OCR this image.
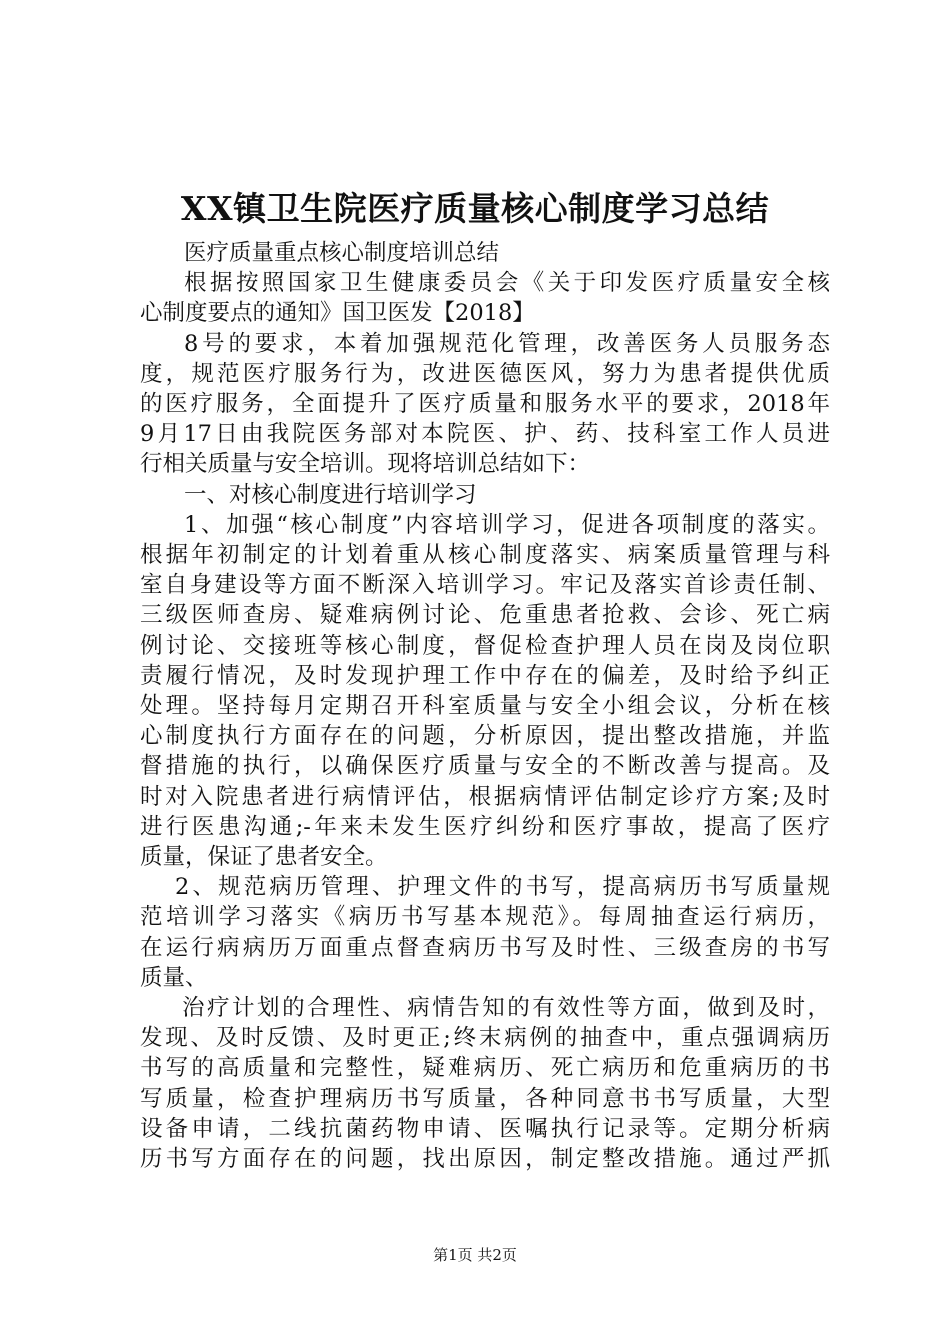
XX镇卫生院医疗质量核心制度学习总结
医疗质量重点核心制度培训总结
根据按照国家卫生健康委员会《关于印发医疗质量安全核
心制度要点的通知》国卫医发【2018】
8号的要求，本着加强规范化管理，改善医务人员服务态
度，规范医疗服务行为，改进医德医风，努力为患者提供优质
的医疗服务，全面提升了医疗质量和服务水平的要求，2018年
9月17日由我院医务部对本院医、护、药、技科室工作人员进
行相关质量与安全培训。现将培训总结如下：
一、对核心制度进行培训学习
1、加强“核心制度”内容培训学习，促进各项制度的落实。
根据年初制定的计划着重从核心制度落实、病案质量管理与科
室自身建设等方面不断深入培训学习。牢记及落实首诊责任制、
三级医师查房、疑难病例讨论、危重患者抢救、会诊、死亡病
例讨论、交接班等核心制度，督促检查护理人员在岗及岗位职
责履行情况，及时发现护理工作中存在的偏差，及时给予纠正
处理。坚持每月定期召开科室质量与安全小组会议，分析在核
心制度执行方面存在的问题，分析原因，提出整改措施，并监
督措施的执行，以确保医疗质量与安全的不断改善与提高。及
时对入院患者进行病情评估，根据病情评估制定诊疗方案;及时
进行医患沟通;-年来未发生医疗纠纷和医疗事故，提高了医疗
质量，保证了患者安全。
2、规范病历管理、护理文件的书写，提高病历书写质量规
范培训学习落实《病历书写基本规范》。每周抽查运行病历，
在运行病病历万面重点督查病历书写及时性、三级查房的书写
质量、
治疗计划的合理性、病情告知的有效性等方面，做到及时，
发现、及时反馈、及时更正;终末病例的抽查中，重点强调病历
书写的高质量和完整性，疑难病历、死亡病历和危重病历的书
写质量，检查护理病历书写质量，各种同意书书写质量，大型
设备申请，二线抗菌药物申请、医嘱执行记录等。定期分析病
历书写方面存在的问题，找出原因，制定整改措施。通过严抓
第1页 共2页
